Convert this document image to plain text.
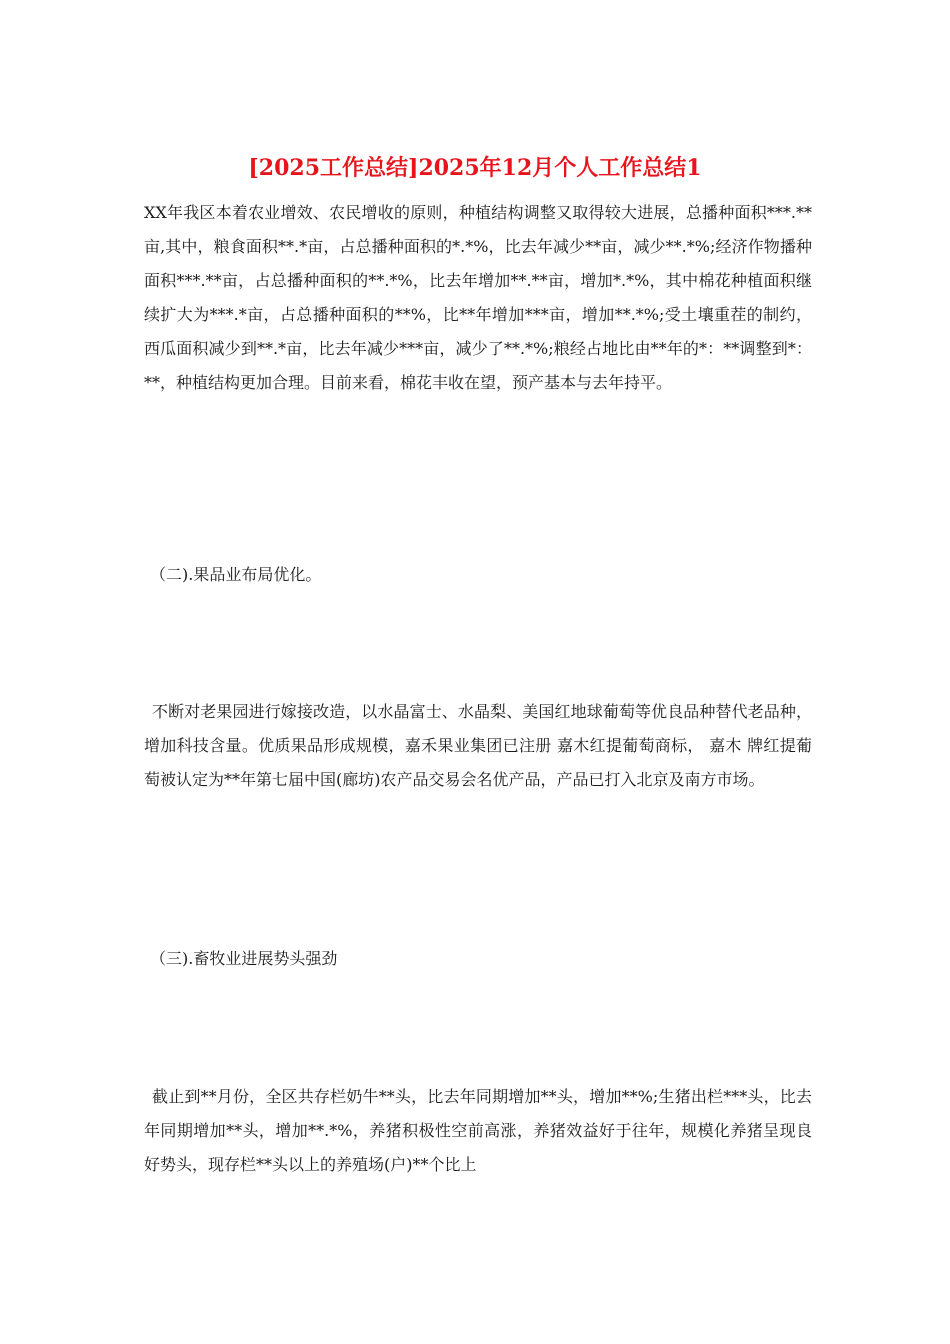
[2025工作总结]2025年12月个人工作总结1
XX年我区本着农业增效、农民增收的原则，种植结构调整又取得较大进展，总播种面积***.**亩,其中，粮食面积**.*亩，占总播种面积的*.*%，比去年减少**亩，减少**.*%;经济作物播种面积***.**亩，占总播种面积的**.*%，比去年增加**.**亩，增加*.*%，其中棉花种植面积继续扩大为***.*亩，占总播种面积的**%，比**年增加***亩，增加**.*%;受土壤重茬的制约，西瓜面积减少到**.*亩，比去年减少***亩，减少了**.*%;粮经占地比由**年的*：**调整到*：**，种植结构更加合理。目前来看，棉花丰收在望，预产基本与去年持平。
（二).果品业布局优化。
不断对老果园进行嫁接改造，以水晶富士、水晶梨、美国红地球葡萄等优良品种替代老品种，增加科技含量。优质果品形成规模，嘉禾果业集团已注册 嘉木红提葡萄商标， 嘉木 牌红提葡萄被认定为**年第七届中国(廊坊)农产品交易会名优产品，产品已打入北京及南方市场。
（三).畜牧业进展势头强劲
截止到**月份，全区共存栏奶牛**头，比去年同期增加**头，增加**%;生猪出栏***头，比去年同期增加**头，增加**.*%，养猪积极性空前高涨，养猪效益好于往年，规模化养猪呈现良好势头，现存栏**头以上的养殖场(户)**个比上
